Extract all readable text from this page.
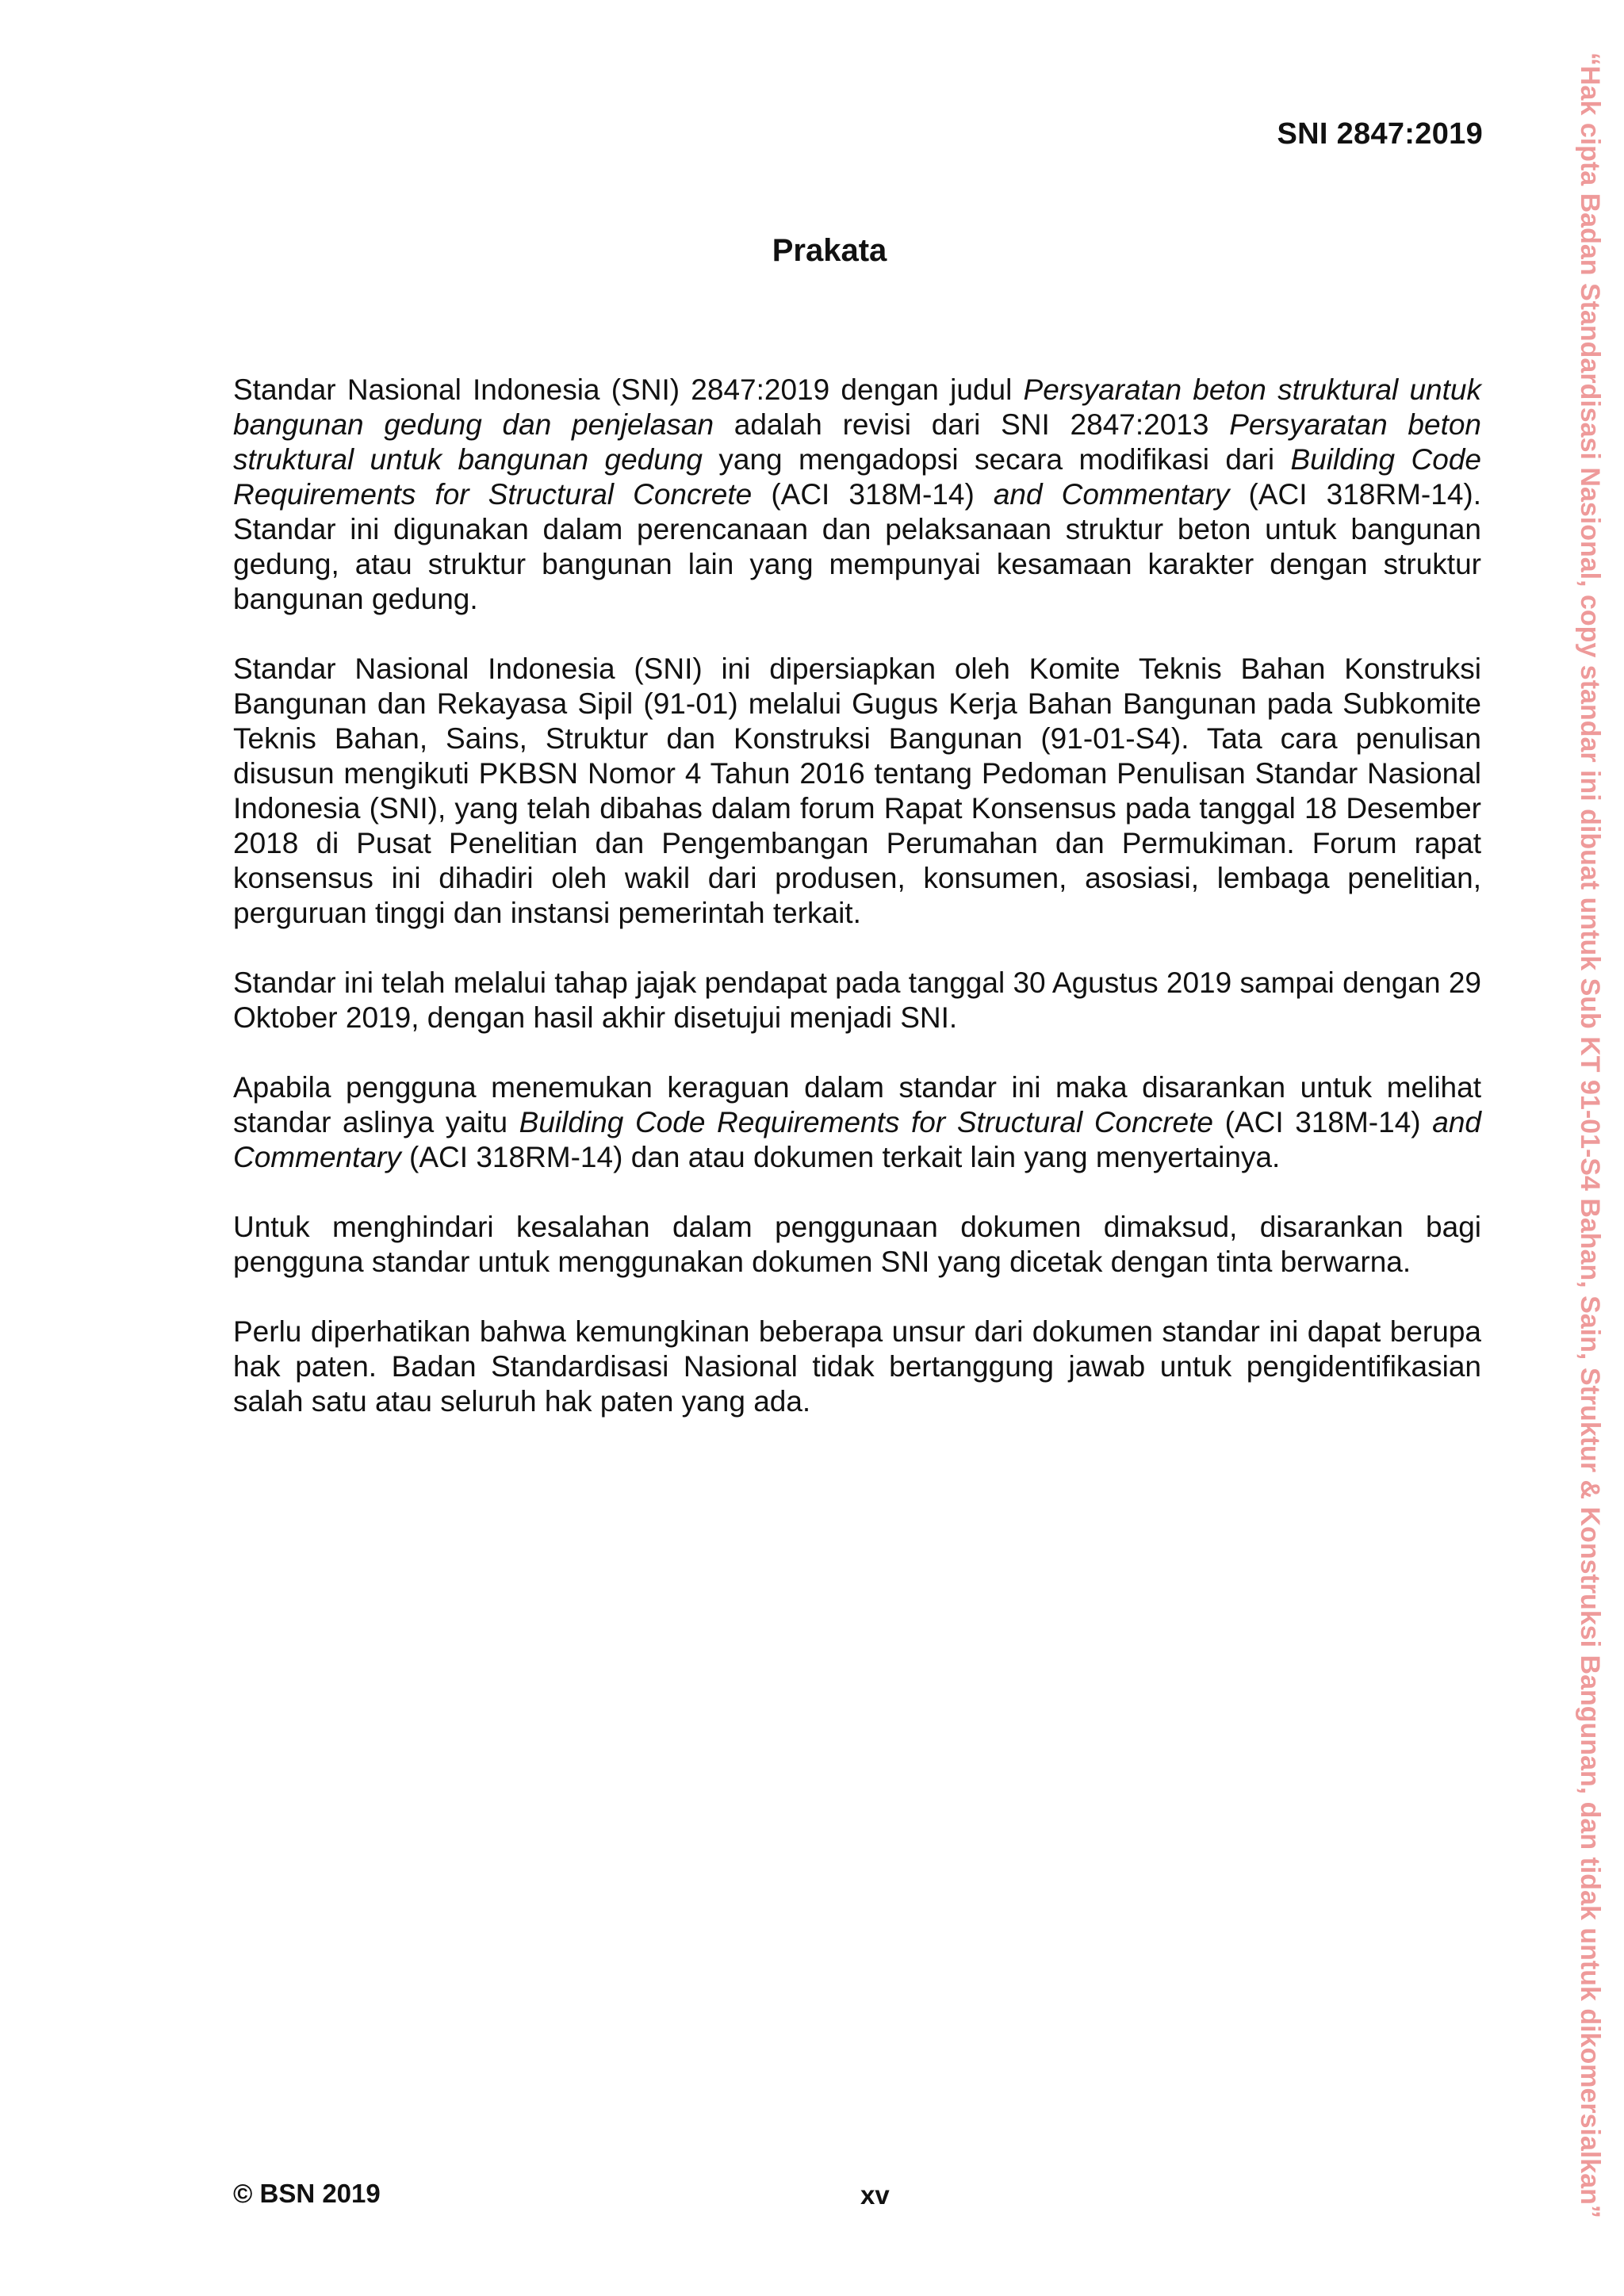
SNI 2847:2019
Prakata

Standar Nasional Indonesia (SNI) 2847:2019 dengan judul Persyaratan beton struktural untuk bangunan gedung dan penjelasan adalah revisi dari SNI 2847:2013 Persyaratan beton struktural untuk bangunan gedung yang mengadopsi secara modifikasi dari Building Code Requirements for Structural Concrete (ACI 318M-14) and Commentary (ACI 318RM-14). Standar ini digunakan dalam perencanaan dan pelaksanaan struktur beton untuk bangunan gedung, atau struktur bangunan lain yang mempunyai kesamaan karakter dengan struktur bangunan gedung.

Standar Nasional Indonesia (SNI) ini dipersiapkan oleh Komite Teknis Bahan Konstruksi Bangunan dan Rekayasa Sipil (91-01) melalui Gugus Kerja Bahan Bangunan pada Subkomite Teknis Bahan, Sains, Struktur dan Konstruksi Bangunan (91-01-S4). Tata cara penulisan disusun mengikuti PKBSN Nomor 4 Tahun 2016 tentang Pedoman Penulisan Standar Nasional Indonesia (SNI), yang telah dibahas dalam forum Rapat Konsensus pada tanggal 18 Desember 2018 di Pusat Penelitian dan Pengembangan Perumahan dan Permukiman. Forum rapat konsensus ini dihadiri oleh wakil dari produsen, konsumen, asosiasi, lembaga penelitian, perguruan tinggi dan instansi pemerintah terkait.

Standar ini telah melalui tahap jajak pendapat pada tanggal 30 Agustus 2019 sampai dengan 29 Oktober 2019, dengan hasil akhir disetujui menjadi SNI.

Apabila pengguna menemukan keraguan dalam standar ini maka disarankan untuk melihat standar aslinya yaitu Building Code Requirements for Structural Concrete (ACI 318M-14) and Commentary (ACI 318RM-14) dan atau dokumen terkait lain yang menyertainya.

Untuk menghindari kesalahan dalam penggunaan dokumen dimaksud, disarankan bagi pengguna standar untuk menggunakan dokumen SNI yang dicetak dengan tinta berwarna.

Perlu diperhatikan bahwa kemungkinan beberapa unsur dari dokumen standar ini dapat berupa hak paten. Badan Standardisasi Nasional tidak bertanggung jawab untuk pengidentifikasian salah satu atau seluruh hak paten yang ada.

© BSN 2019	xv	“Hak cipta Badan Standardisasi Nasional, copy standar ini dibuat untuk Sub KT 91-01-S4 Bahan, Sain, Struktur & Konstruksi Bangunan, dan tidak untuk dikomersialkan”
